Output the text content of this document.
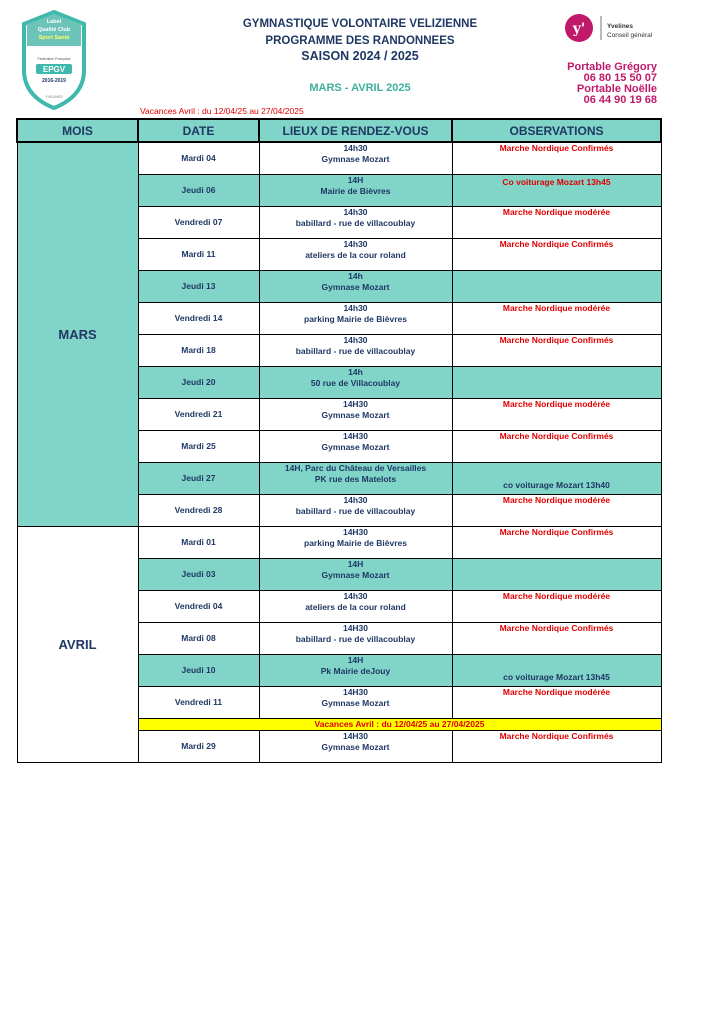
Label
Qualité Club
Sport Santé
Fédération Française
EPGV
2016-2019
YVELINES
GYMNASTIQUE VOLONTAIRE VELIZIENNE
PROGRAMME DES RANDONNEES
SAISON 2024 / 2025
MARS - AVRIL 2025
y'	Yvelines
Conseil général
Portable Grégory
06 80 15 50 07
Portable Noëlle
06 44 90 19 68
Vacances Avril : du 12/04/25 au 27/04/2025
MOIS	DATE	LIEUX DE RENDEZ-VOUS	OBSERVATIONS
MARS	Mardi 04	14h30
Gymnase Mozart	Marche Nordique Confirmés
	Jeudi 06	14H
Mairie de Bièvres	Co voiturage Mozart 13h45
	Vendredi 07	14h30
babillard - rue de villacoublay	Marche Nordique modérée
	Mardi 11	14h30
ateliers de la cour roland	Marche Nordique Confirmés
	Jeudi 13	14h
Gymnase Mozart	

	Vendredi 14	14h30
parking Mairie de Bièvres	Marche Nordique modérée
	Mardi 18	14h30
babillard - rue de villacoublay	Marche Nordique Confirmés
	Jeudi 20	14h
50 rue de Villacoublay	

	Vendredi 21	14H30
Gymnase Mozart	Marche Nordique modérée
	Mardi 25	14H30
Gymnase Mozart	Marche Nordique Confirmés
	Jeudi 27	14H, Parc du Château de Versailles
PK rue des Matelots	co voiturage Mozart 13h40
	Vendredi 28	14h30
babillard - rue de villacoublay	Marche Nordique modérée
AVRIL	Mardi 01	14H30
parking Mairie de Bièvres	Marche Nordique Confirmés
	Jeudi 03	14H
Gymnase Mozart	

	Vendredi 04	14h30
ateliers de la cour roland	Marche Nordique modérée
	Mardi 08	14H30
babillard - rue de villacoublay	Marche Nordique Confirmés
	Jeudi 10	14H
Pk Mairie deJouy	co voiturage Mozart 13h45
	Vendredi 11	14H30
Gymnase Mozart	Marche Nordique modérée
	Vacances Avril : du 12/04/25 au 27/04/2025		
	Mardi 29	14H30
Gymnase Mozart	Marche Nordique Confirmés
